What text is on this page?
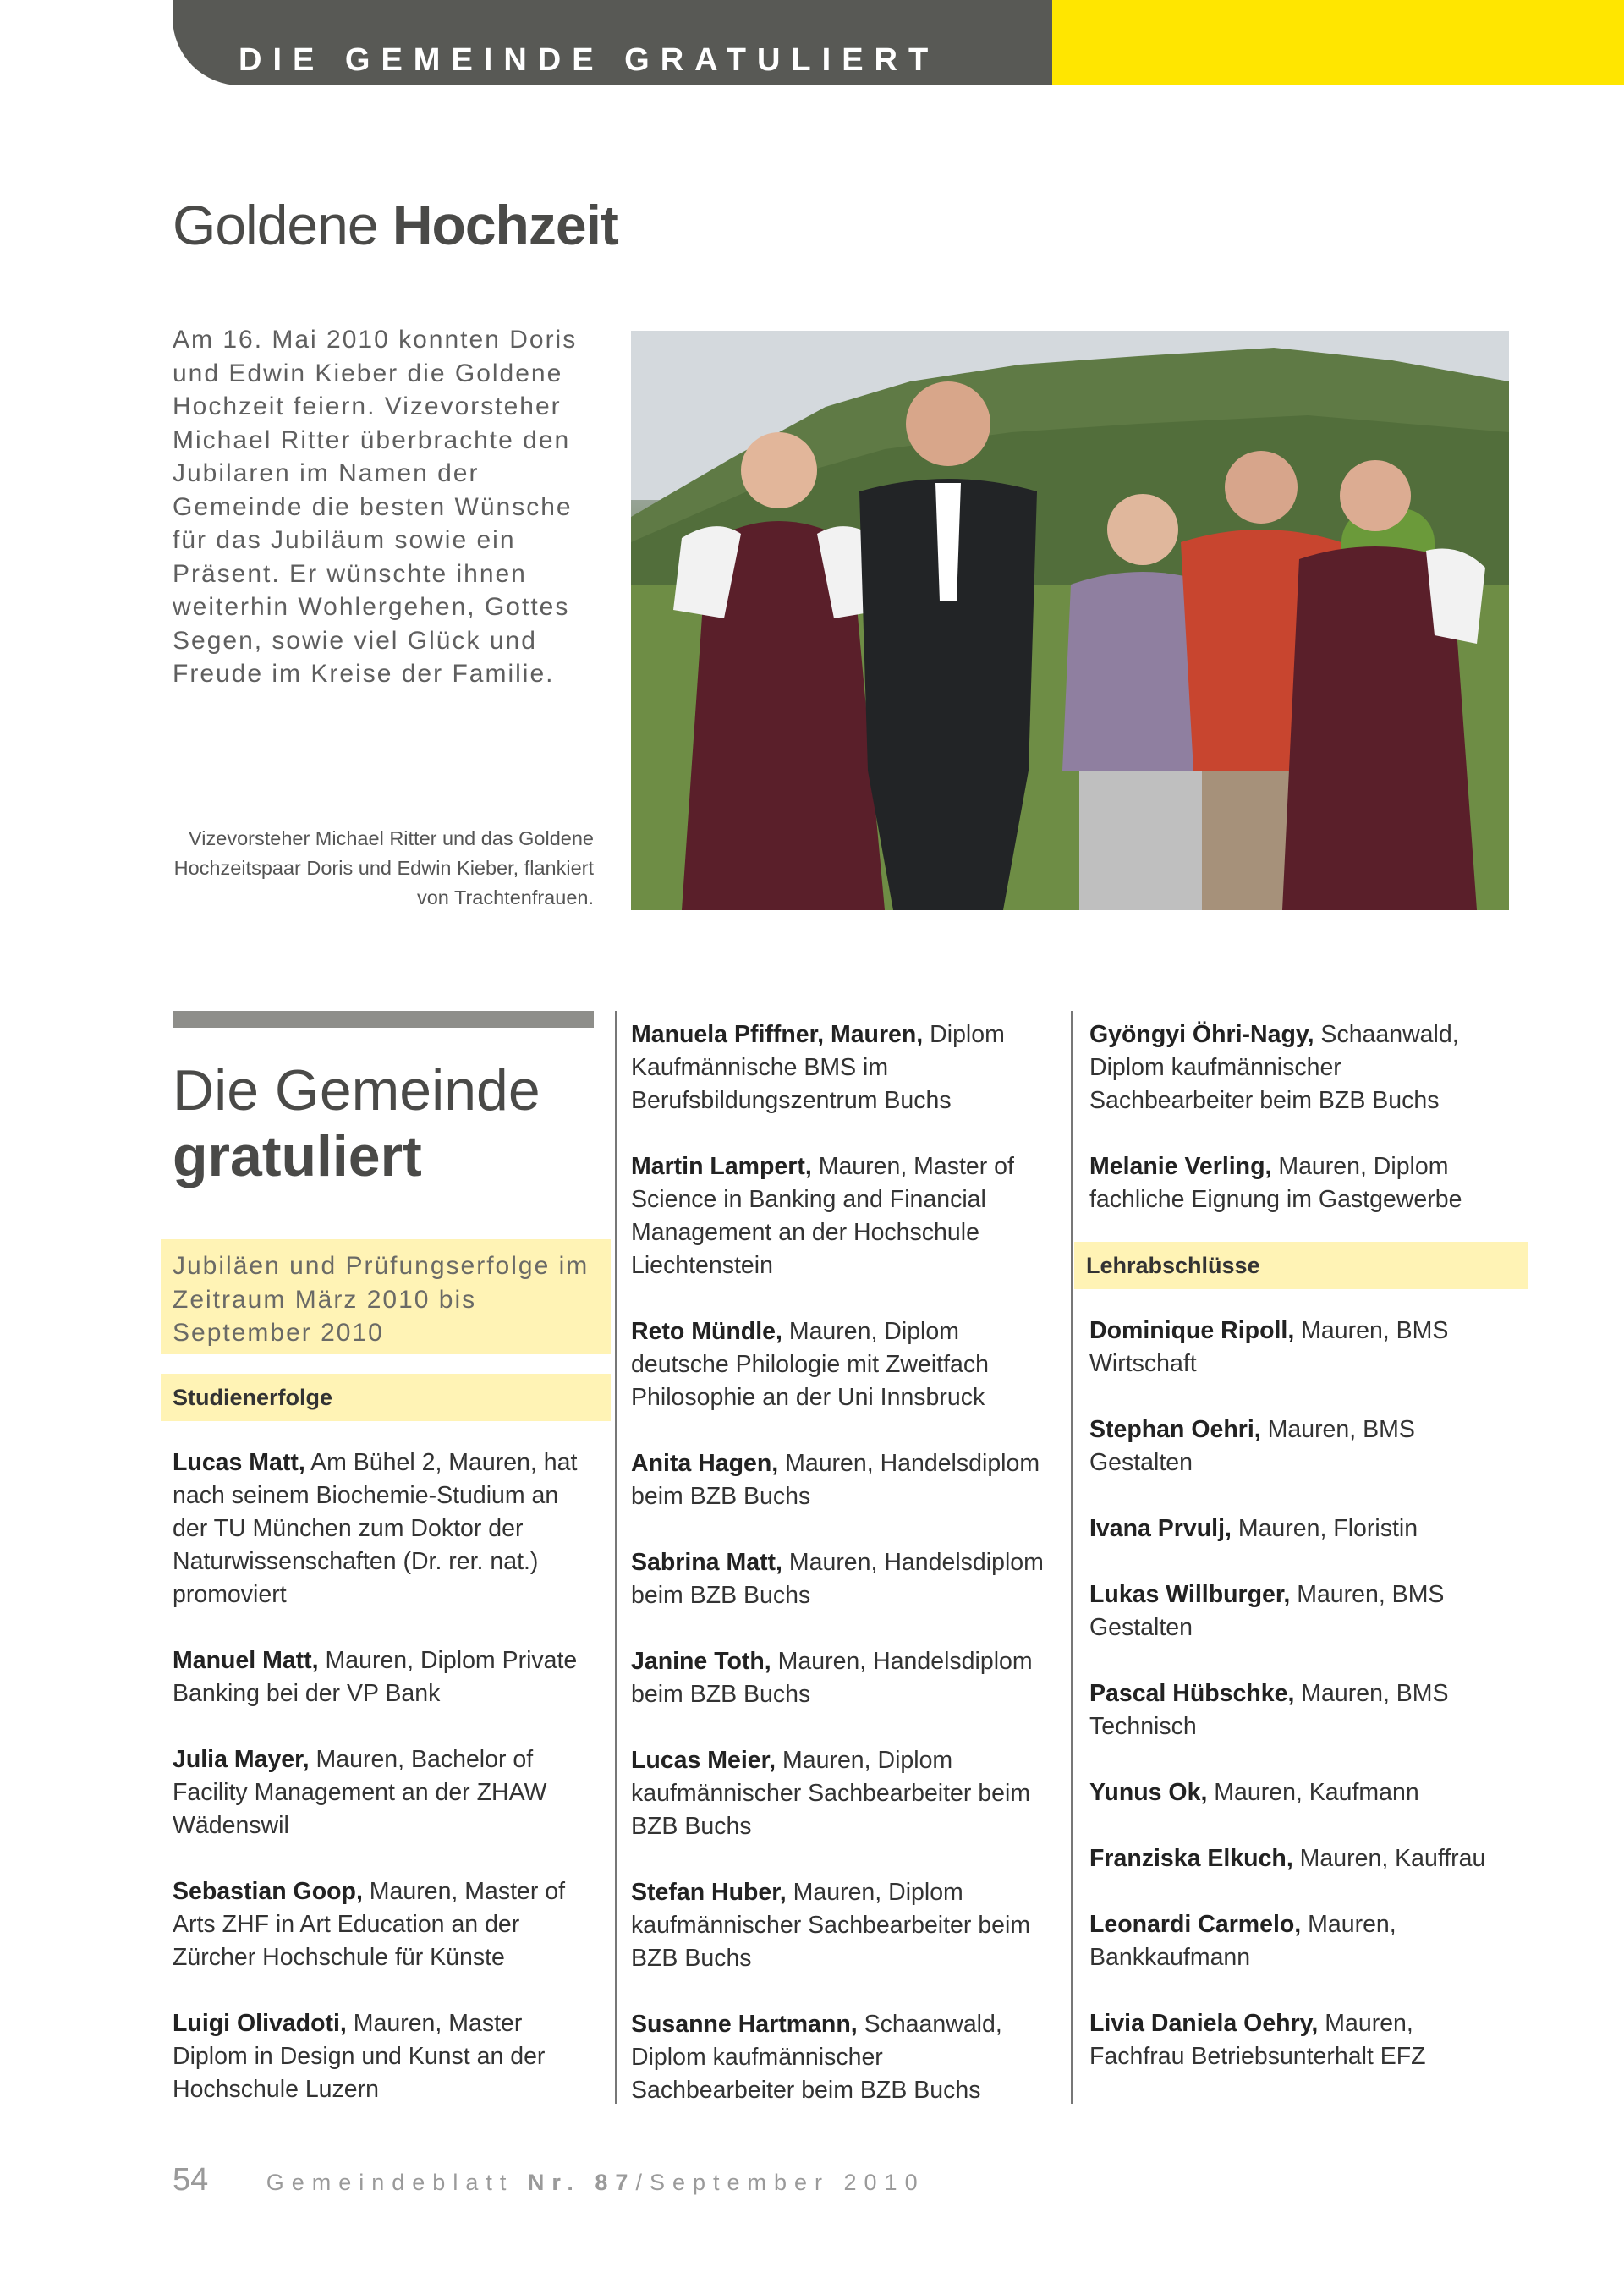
DIE GEMEINDE GRATULIERT
Goldene Hochzeit
Am 16. Mai 2010 konnten Doris und Edwin Kieber die Goldene Hochzeit feiern. Vizevorsteher Michael Ritter überbrachte den Jubilaren im Namen der Gemeinde die besten Wünsche für das Jubiläum sowie ein Präsent. Er wünschte ihnen weiterhin Wohlergehen, Gottes Segen, sowie viel Glück und Freude im Kreise der Familie.
Vizevorsteher Michael Ritter und das Goldene Hochzeitspaar Doris und Edwin Kieber, flankiert von Trachtenfrauen.
Die Gemeinde
gratuliert
Jubiläen und Prüfungserfolge im Zeitraum März 2010 bis September 2010
Studienerfolge
Lucas Matt, Am Bühel 2, Mauren, hat nach seinem Biochemie-Studium an der TU München zum Doktor der Naturwissenschaften (Dr. rer. nat.) promoviert
Manuel Matt, Mauren, Diplom Private Banking bei der VP Bank
Julia Mayer, Mauren, Bachelor of Facility Management an der ZHAW Wädenswil
Sebastian Goop, Mauren, Master of Arts ZHF in Art Education an der Zürcher Hochschule für Künste
Luigi Olivadoti, Mauren, Master Diplom in Design und Kunst an der Hochschule Luzern
Manuela Pfiffner, Mauren, Diplom Kaufmännische BMS im Berufsbildungszentrum Buchs
Martin Lampert, Mauren, Master of Science in Banking and Financial Management an der Hochschule Liechtenstein
Reto Mündle, Mauren, Diplom deutsche Philologie mit Zweitfach Philosophie an der Uni Innsbruck
Anita Hagen, Mauren, Handelsdiplom beim BZB Buchs
Sabrina Matt, Mauren, Handelsdiplom beim BZB Buchs
Janine Toth, Mauren, Handelsdiplom beim BZB Buchs
Lucas Meier, Mauren, Diplom kaufmännischer Sachbearbeiter beim BZB Buchs
Stefan Huber, Mauren, Diplom kaufmännischer Sachbearbeiter beim BZB Buchs
Susanne Hartmann, Schaanwald, Diplom kaufmännischer Sachbearbeiter beim BZB Buchs
Gyöngyi Öhri-Nagy, Schaanwald, Diplom kaufmännischer Sachbearbeiter beim BZB Buchs
Melanie Verling, Mauren, Diplom fachliche Eignung im Gastgewerbe
Lehrabschlüsse
Dominique Ripoll, Mauren, BMS Wirtschaft
Stephan Oehri, Mauren, BMS Gestalten
Ivana Prvulj, Mauren, Floristin
Lukas Willburger, Mauren, BMS Gestalten
Pascal Hübschke, Mauren, BMS Technisch
Yunus Ok, Mauren, Kaufmann
Franziska Elkuch, Mauren, Kauffrau
Leonardi Carmelo, Mauren, Bankkaufmann
Livia Daniela Oehry, Mauren, Fachfrau Betriebsunterhalt EFZ
54	Gemeindeblatt Nr. 87/September 2010
